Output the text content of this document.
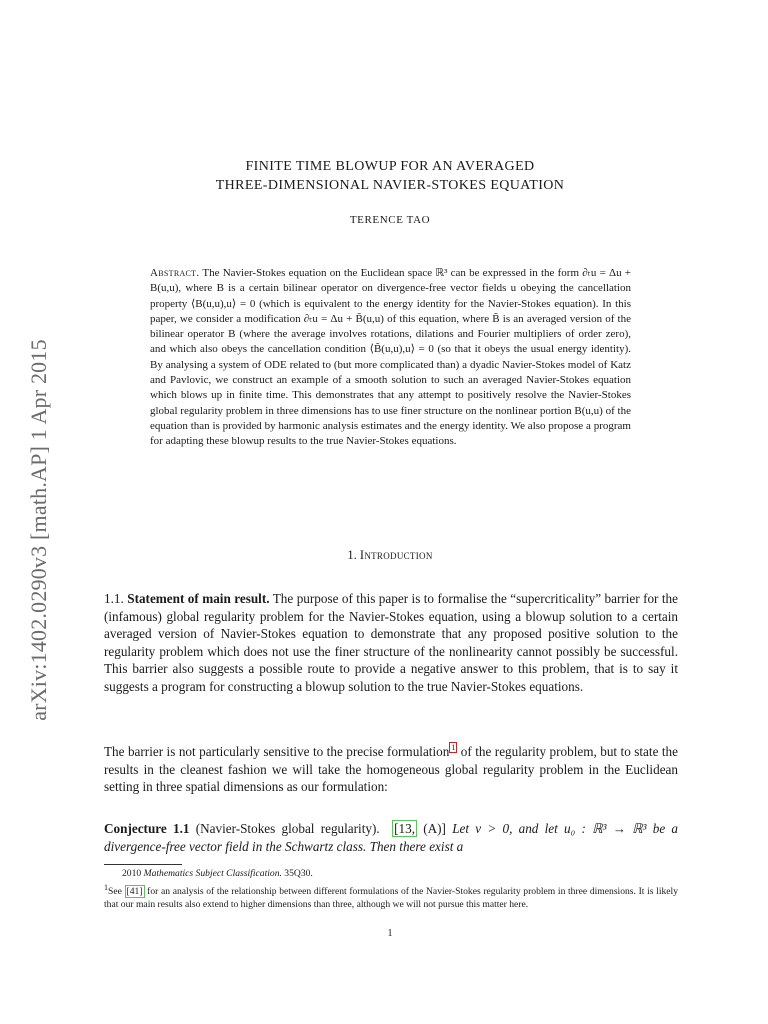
arXiv:1402.0290v3 [math.AP] 1 Apr 2015
FINITE TIME BLOWUP FOR AN AVERAGED
THREE-DIMENSIONAL NAVIER-STOKES EQUATION
TERENCE TAO
Abstract. The Navier-Stokes equation on the Euclidean space ℝ³ can be expressed in the form ∂ₜu = Δu + B(u,u), where B is a certain bilinear operator on divergence-free vector fields u obeying the cancellation property ⟨B(u,u),u⟩ = 0 (which is equivalent to the energy identity for the Navier-Stokes equation). In this paper, we consider a modification ∂ₜu = Δu + B̃(u,u) of this equation, where B̃ is an averaged version of the bilinear operator B (where the average involves rotations, dilations and Fourier multipliers of order zero), and which also obeys the cancellation condition ⟨B̃(u,u),u⟩ = 0 (so that it obeys the usual energy identity). By analysing a system of ODE related to (but more complicated than) a dyadic Navier-Stokes model of Katz and Pavlovic, we construct an example of a smooth solution to such an averaged Navier-Stokes equation which blows up in finite time. This demonstrates that any attempt to positively resolve the Navier-Stokes global regularity problem in three dimensions has to use finer structure on the nonlinear portion B(u,u) of the equation than is provided by harmonic analysis estimates and the energy identity. We also propose a program for adapting these blowup results to the true Navier-Stokes equations.
1. Introduction

1.1. Statement of main result. The purpose of this paper is to formalise the “supercriticality” barrier for the (infamous) global regularity problem for the Navier-Stokes equation, using a blowup solution to a certain averaged version of Navier-Stokes equation to demonstrate that any proposed positive solution to the regularity problem which does not use the finer structure of the nonlinearity cannot possibly be successful. This barrier also suggests a possible route to provide a negative answer to this problem, that is to say it suggests a program for constructing a blowup solution to the true Navier-Stokes equations.

The barrier is not particularly sensitive to the precise formulation $^1$ of the regularity problem, but to state the results in the cleanest fashion we will take the homogeneous global regularity problem in the Euclidean setting in three spatial dimensions as our formulation:

Conjecture 1.1 (Navier-Stokes global regularity). [13, (A)] Let ν > 0, and let u₀ : ℝ³ → ℝ³ be a divergence-free vector field in the Schwartz class. Then there exist a

2010 Mathematics Subject Classification. 35Q30.
$^1$See [41] for an analysis of the relationship between different formulations of the Navier-Stokes regularity problem in three dimensions. It is likely that our main results also extend to higher dimensions than three, although we will not pursue this matter here.
1
